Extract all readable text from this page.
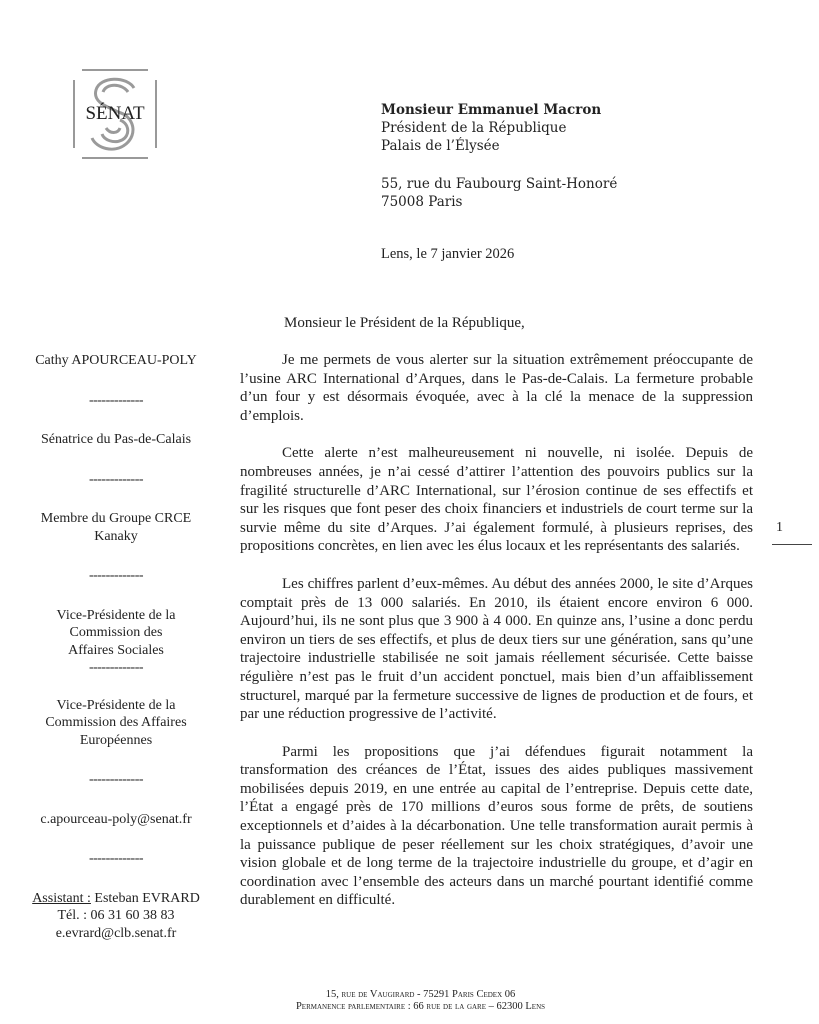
SÉNAT	Monsieur Emmanuel Macron
Président de la République
Palais de l’Élysée
55, rue du Faubourg Saint-Honoré
75008 Paris
Lens, le 7 janvier 2026
Monsieur le Président de la République,
Cathy APOURCEAU-POLY
-------------
Sénatrice du Pas-de-Calais
-------------
Membre du Groupe CRCE
Kanaky
-------------
Vice-Présidente de la
Commission des
Affaires Sociales
-------------
Vice-Présidente de la
Commission des Affaires
Européennes
-------------
c.apourceau-poly@senat.fr
-------------
Assistant : Esteban EVRARD
Tél. : 06 31 60 38 83
e.evrard@clb.senat.fr

Je me permets de vous alerter sur la situation extrêmement préoccupante de l’usine ARC International d’Arques, dans le Pas-de-Calais. La fermeture probable d’un four y est désormais évoquée, avec à la clé la menace de la suppression d’emplois.

Cette alerte n’est malheureusement ni nouvelle, ni isolée. Depuis de nombreuses années, je n’ai cessé d’attirer l’attention des pouvoirs publics sur la fragilité structurelle d’ARC International, sur l’érosion continue de ses effectifs et sur les risques que font peser des choix financiers et industriels de court terme sur la survie même du site d’Arques. J’ai également formulé, à plusieurs reprises, des propositions concrètes, en lien avec les élus locaux et les représentants des salariés.

Les chiffres parlent d’eux-mêmes. Au début des années 2000, le site d’Arques comptait près de 13 000 salariés. En 2010, ils étaient encore environ 6 000. Aujourd’hui, ils ne sont plus que 3 900 à 4 000. En quinze ans, l’usine a donc perdu environ un tiers de ses effectifs, et plus de deux tiers sur une génération, sans qu’une trajectoire industrielle stabilisée ne soit jamais réellement sécurisée. Cette baisse régulière n’est pas le fruit d’un accident ponctuel, mais bien d’un affaiblissement structurel, marqué par la fermeture successive de lignes de production et de fours, et par une réduction progressive de l’activité.

Parmi les propositions que j’ai défendues figurait notamment la transformation des créances de l’État, issues des aides publiques massivement mobilisées depuis 2019, en une entrée au capital de l’entreprise. Depuis cette date, l’État a engagé près de 170 millions d’euros sous forme de prêts, de soutiens exceptionnels et d’aides à la décarbonation. Une telle transformation aurait permis à la puissance publique de peser réellement sur les choix stratégiques, d’avoir une vision globale et de long terme de la trajectoire industrielle du groupe, et d’agir en coordination avec l’ensemble des acteurs dans un marché pourtant identifié comme durablement en difficulté.

1
15, rue de Vaugirard - 75291 Paris Cedex 06
Permanence parlementaire : 66 rue de la gare – 62300 Lens
